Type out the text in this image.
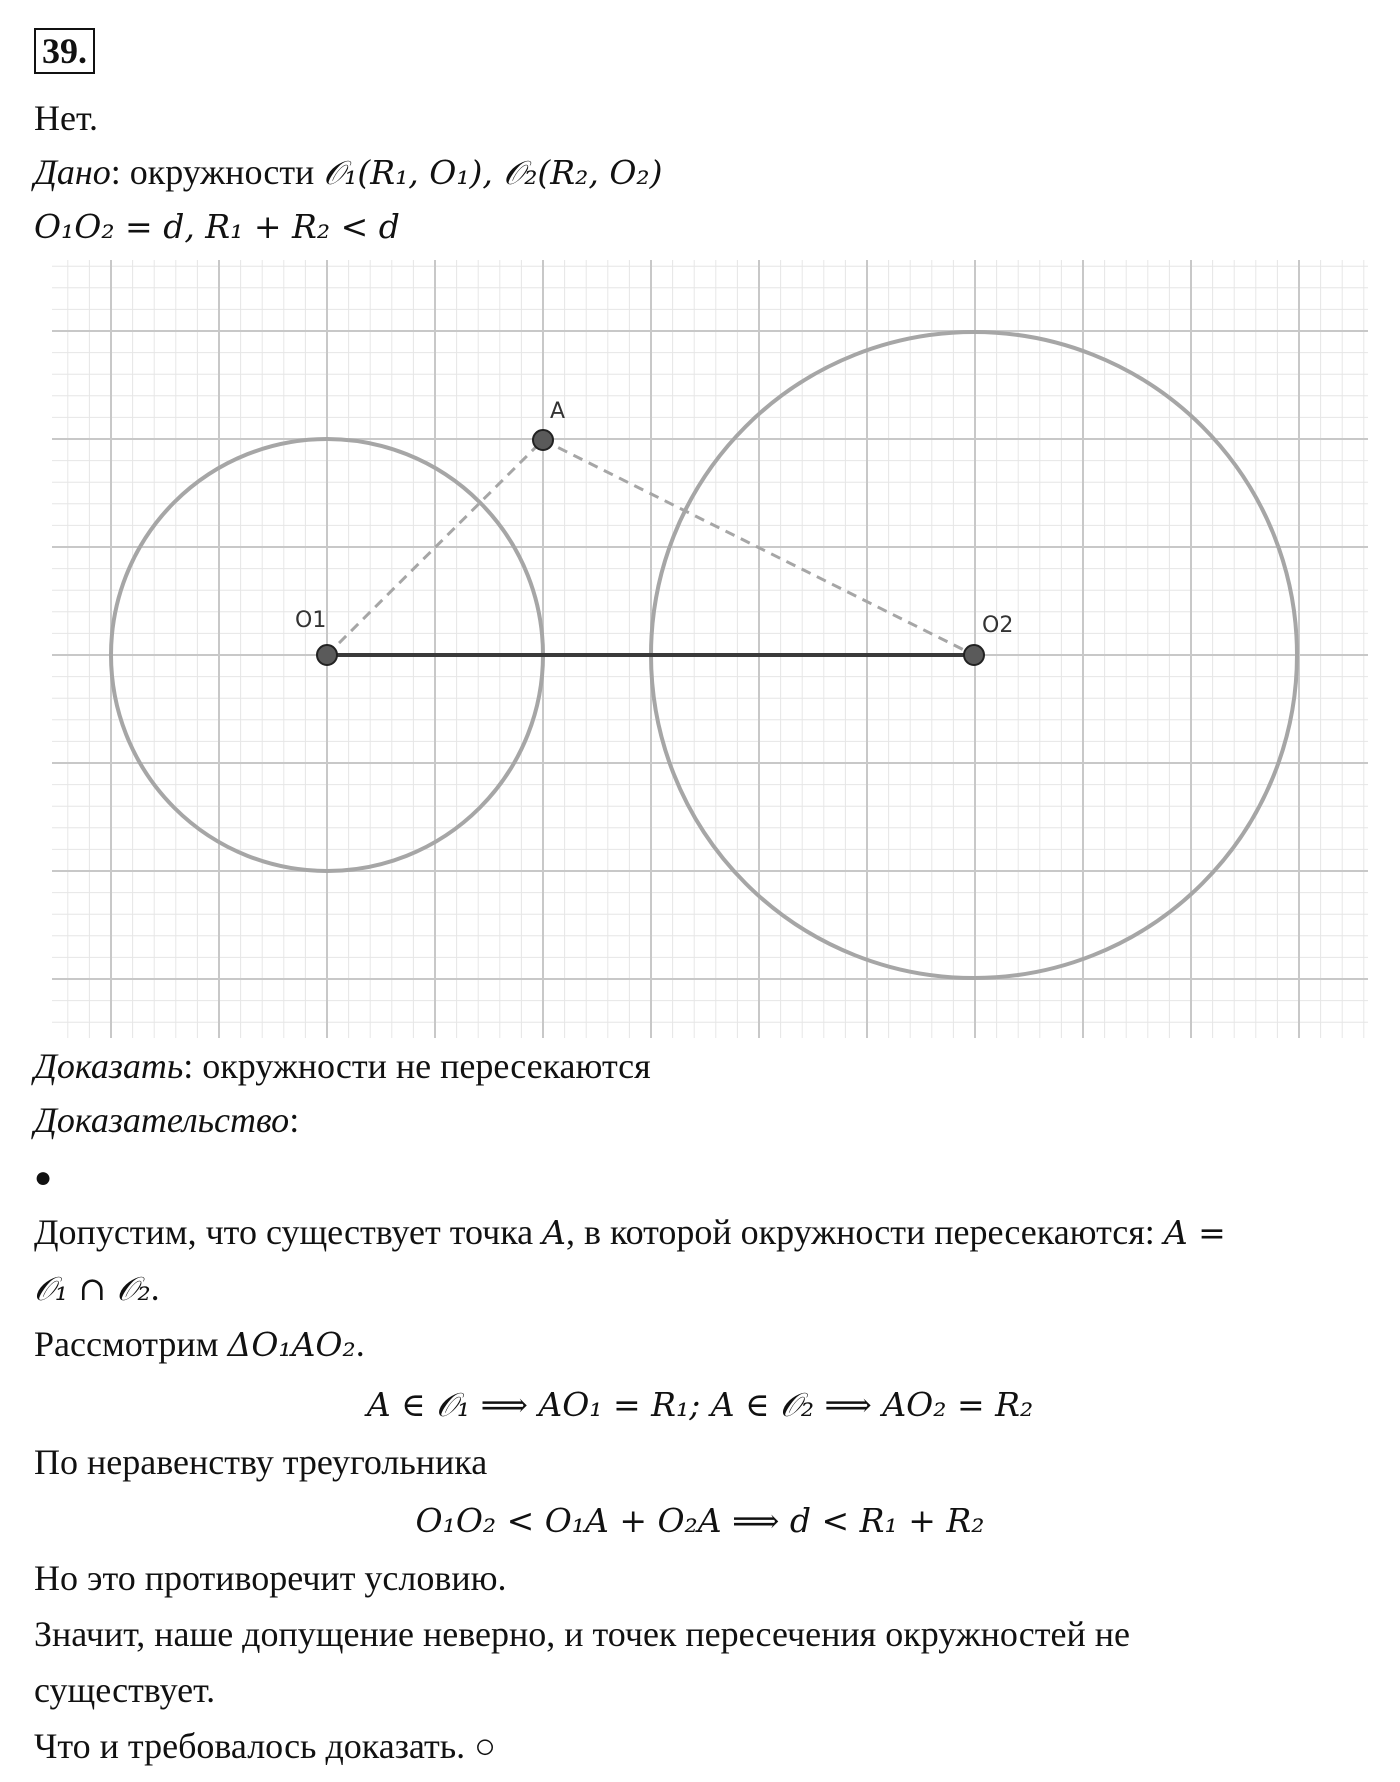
39.
Нет.
Дано: окружности 𝒪₁(R₁, O₁), 𝒪₂(R₂, O₂)
O₁O₂ = d, R₁ + R₂ < d
O1	O2
A
Доказать: окружности не пересекаются
Доказательство:
●
Допустим, что существует точка A, в которой окружности пересекаются: A =
𝒪₁ ∩ 𝒪₂.
Рассмотрим ΔO₁AO₂.
A ∈ 𝒪₁ ⟹ AO₁ = R₁; A ∈ 𝒪₂ ⟹ AO₂ = R₂
По неравенству треугольника
O₁O₂ < O₁A + O₂A ⟹ d < R₁ + R₂
Но это противоречит условию.
Значит, наше допущение неверно, и точек пересечения окружностей не
существует.
Что и требовалось доказать. ○
